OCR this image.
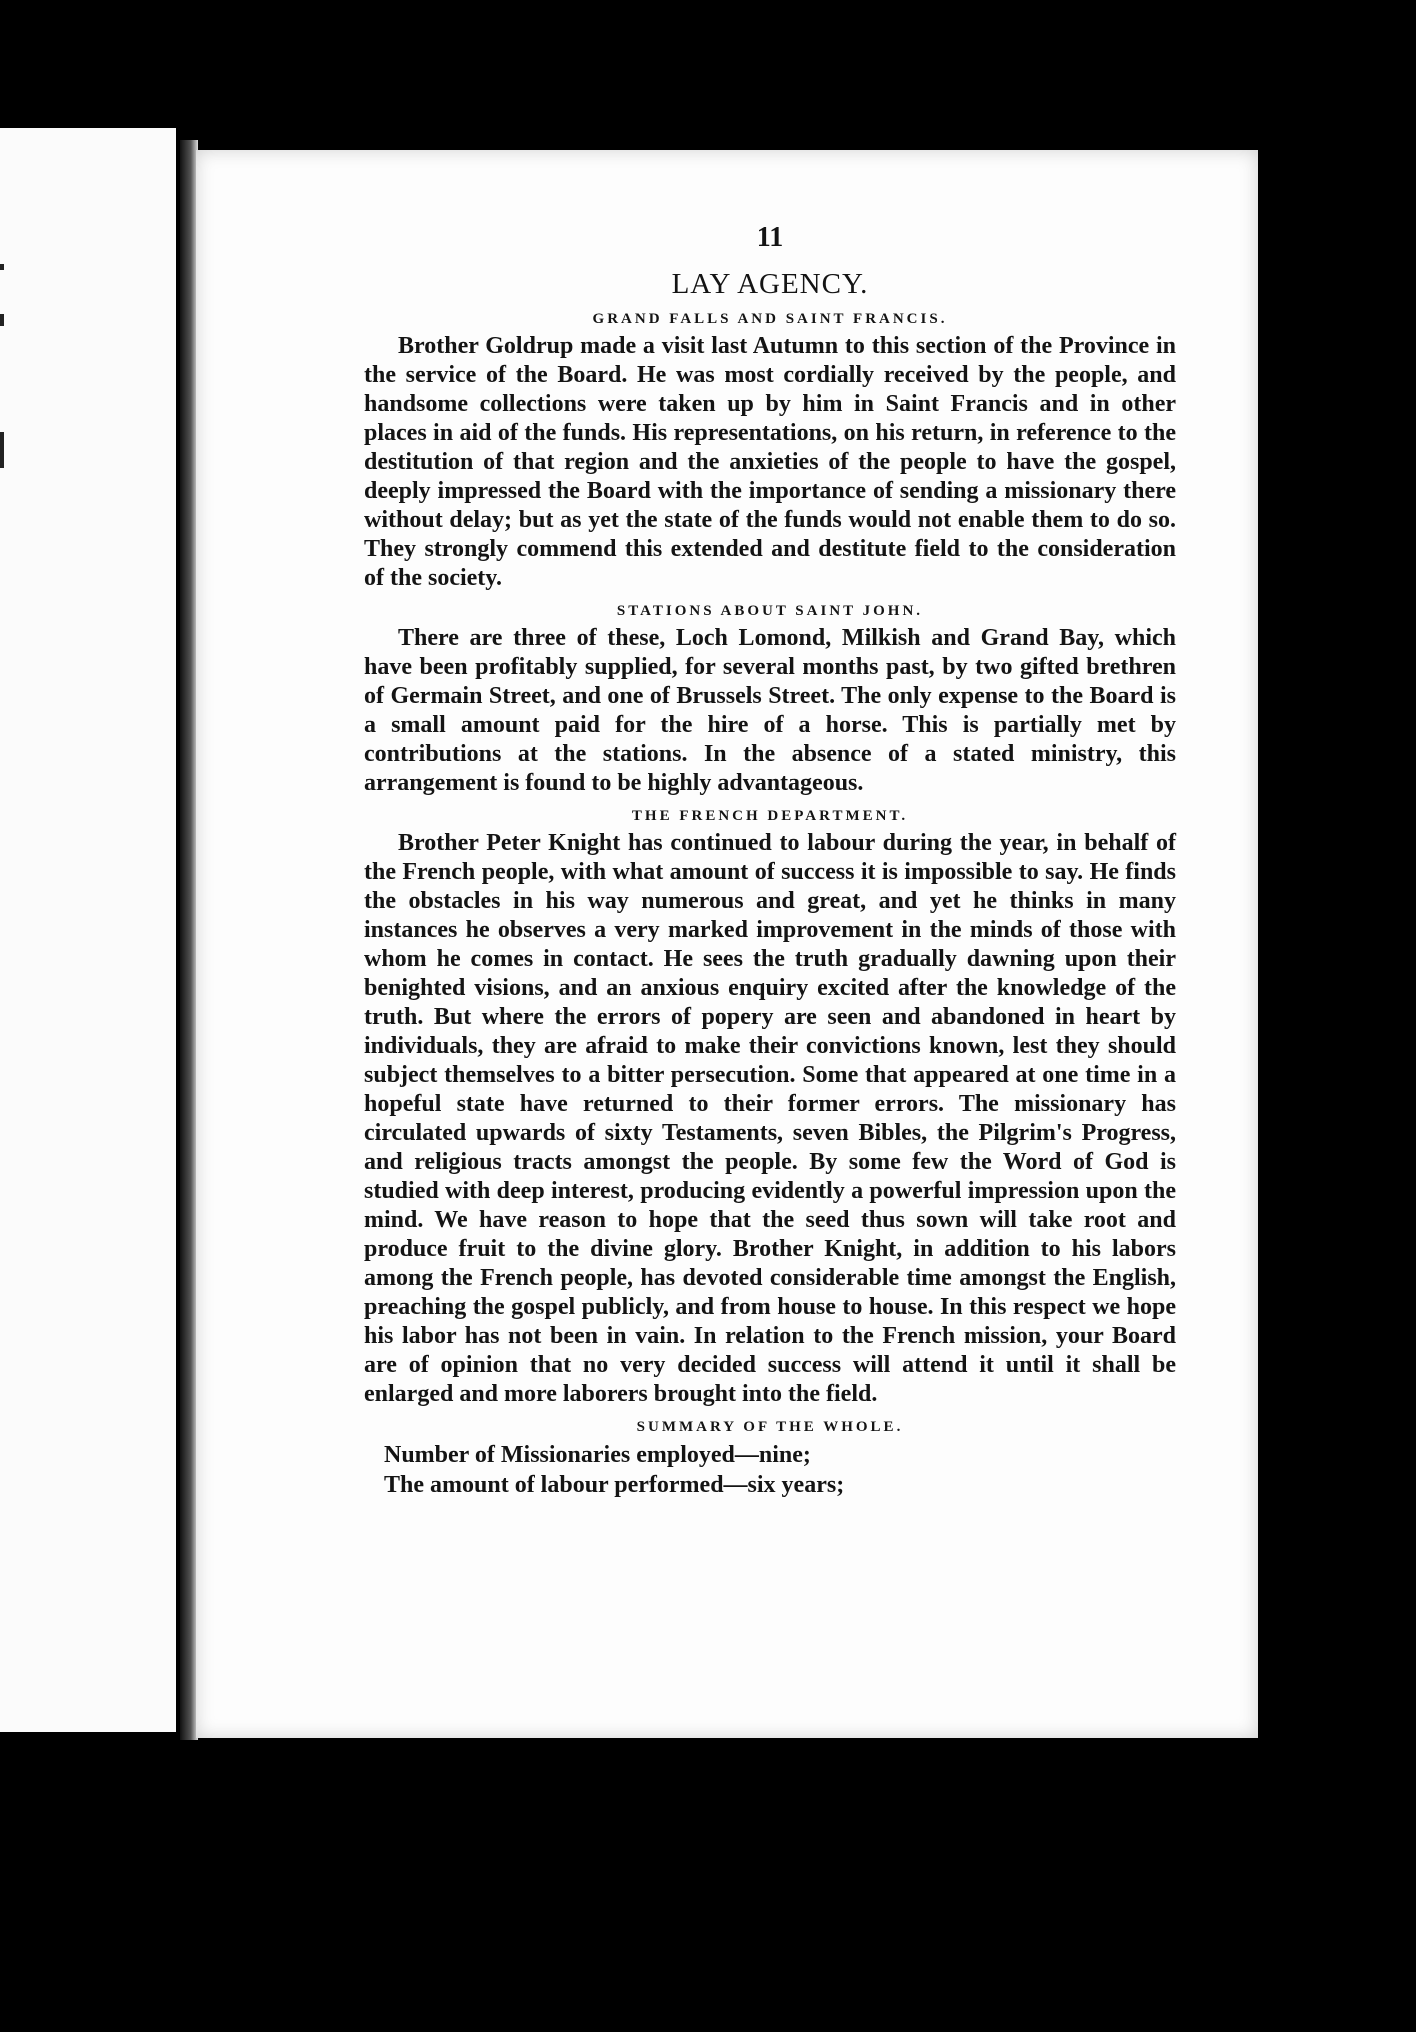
11
LAY AGENCY.
GRAND FALLS AND SAINT FRANCIS.

Brother Goldrup made a visit last Autumn to this section of the Province in the service of the Board. He was most cordially received by the people, and handsome collections were taken up by him in Saint Francis and in other places in aid of the funds. His representations, on his return, in reference to the destitution of that region and the anxieties of the people to have the gospel, deeply impressed the Board with the importance of sending a missionary there without delay; but as yet the state of the funds would not enable them to do so. They strongly commend this extended and destitute field to the consideration of the society.

STATIONS ABOUT SAINT JOHN.

There are three of these, Loch Lomond, Milkish and Grand Bay, which have been profitably supplied, for several months past, by two gifted brethren of Germain Street, and one of Brussels Street. The only expense to the Board is a small amount paid for the hire of a horse. This is partially met by contributions at the stations. In the absence of a stated ministry, this arrangement is found to be highly advantageous.

THE FRENCH DEPARTMENT.

Brother Peter Knight has continued to labour during the year, in behalf of the French people, with what amount of success it is impossible to say. He finds the obstacles in his way numerous and great, and yet he thinks in many instances he observes a very marked improvement in the minds of those with whom he comes in contact. He sees the truth gradually dawning upon their benighted visions, and an anxious enquiry excited after the knowledge of the truth. But where the errors of popery are seen and abandoned in heart by individuals, they are afraid to make their convictions known, lest they should subject themselves to a bitter persecution. Some that appeared at one time in a hopeful state have returned to their former errors. The missionary has circulated upwards of sixty Testaments, seven Bibles, the Pilgrim's Progress, and religious tracts amongst the people. By some few the Word of God is studied with deep interest, producing evidently a powerful impression upon the mind. We have reason to hope that the seed thus sown will take root and produce fruit to the divine glory. Brother Knight, in addition to his labors among the French people, has devoted considerable time amongst the English, preaching the gospel publicly, and from house to house. In this respect we hope his labor has not been in vain. In relation to the French mission, your Board are of opinion that no very decided success will attend it until it shall be enlarged and more laborers brought into the field.

SUMMARY OF THE WHOLE.

Number of Missionaries employed—nine;

The amount of labour performed—six years;
